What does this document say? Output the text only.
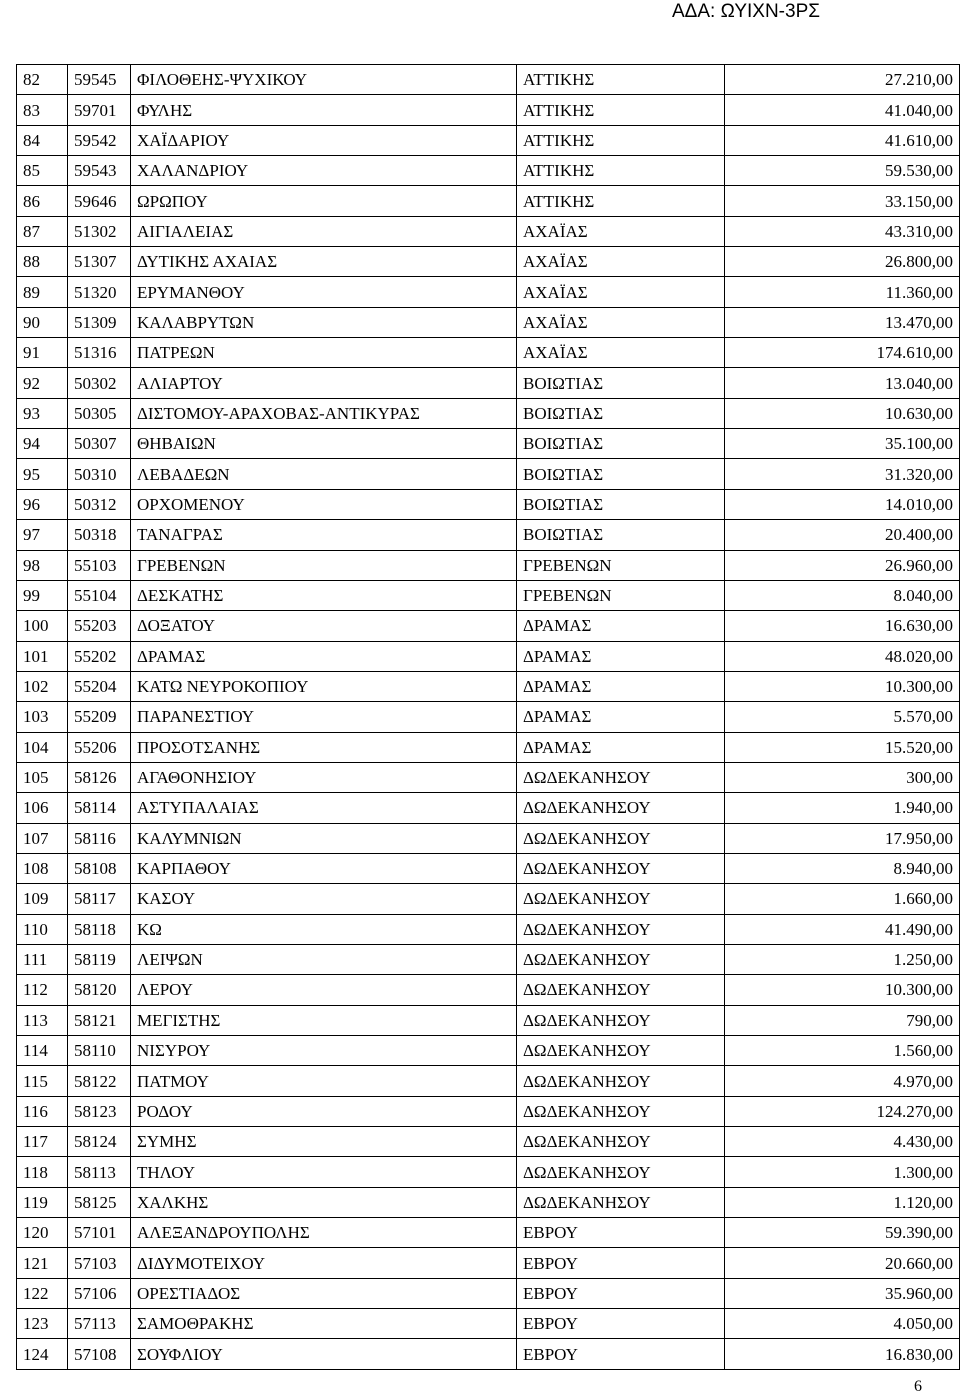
ΑΔΑ: ΩΥΙΧΝ-3ΡΣ
82	59545	ΦΙΛΟΘΕΗΣ-ΨΥΧΙΚΟΥ	ΑΤΤΙΚΗΣ	27.210,00
83	59701	ΦΥΛΗΣ	ΑΤΤΙΚΗΣ	41.040,00
84	59542	ΧΑΪΔΑΡΙΟΥ	ΑΤΤΙΚΗΣ	41.610,00
85	59543	ΧΑΛΑΝΔΡΙΟΥ	ΑΤΤΙΚΗΣ	59.530,00
86	59646	ΩΡΩΠΟΥ	ΑΤΤΙΚΗΣ	33.150,00
87	51302	ΑΙΓΙΑΛΕΙΑΣ	ΑΧΑΪΑΣ	43.310,00
88	51307	ΔΥΤΙΚΗΣ ΑΧΑΙΑΣ	ΑΧΑΪΑΣ	26.800,00
89	51320	ΕΡΥΜΑΝΘΟΥ	ΑΧΑΪΑΣ	11.360,00
90	51309	ΚΑΛΑΒΡΥΤΩΝ	ΑΧΑΪΑΣ	13.470,00
91	51316	ΠΑΤΡΕΩΝ	ΑΧΑΪΑΣ	174.610,00
92	50302	ΑΛΙΑΡΤΟΥ	ΒΟΙΩΤΙΑΣ	13.040,00
93	50305	ΔΙΣΤΟΜΟΥ-ΑΡΑΧΟΒΑΣ-ΑΝΤΙΚΥΡΑΣ	ΒΟΙΩΤΙΑΣ	10.630,00
94	50307	ΘΗΒΑΙΩΝ	ΒΟΙΩΤΙΑΣ	35.100,00
95	50310	ΛΕΒΑΔΕΩΝ	ΒΟΙΩΤΙΑΣ	31.320,00
96	50312	ΟΡΧΟΜΕΝΟΥ	ΒΟΙΩΤΙΑΣ	14.010,00
97	50318	ΤΑΝΑΓΡΑΣ	ΒΟΙΩΤΙΑΣ	20.400,00
98	55103	ΓΡΕΒΕΝΩΝ	ΓΡΕΒΕΝΩΝ	26.960,00
99	55104	ΔΕΣΚΑΤΗΣ	ΓΡΕΒΕΝΩΝ	8.040,00
100	55203	ΔΟΞΑΤΟΥ	ΔΡΑΜΑΣ	16.630,00
101	55202	ΔΡΑΜΑΣ	ΔΡΑΜΑΣ	48.020,00
102	55204	ΚΑΤΩ ΝΕΥΡΟΚΟΠΙΟΥ	ΔΡΑΜΑΣ	10.300,00
103	55209	ΠΑΡΑΝΕΣΤΙΟΥ	ΔΡΑΜΑΣ	5.570,00
104	55206	ΠΡΟΣΟΤΣΑΝΗΣ	ΔΡΑΜΑΣ	15.520,00
105	58126	ΑΓΑΘΟΝΗΣΙΟΥ	ΔΩΔΕΚΑΝΗΣΟΥ	300,00
106	58114	ΑΣΤΥΠΑΛΑΙΑΣ	ΔΩΔΕΚΑΝΗΣΟΥ	1.940,00
107	58116	ΚΑΛΥΜΝΙΩΝ	ΔΩΔΕΚΑΝΗΣΟΥ	17.950,00
108	58108	ΚΑΡΠΑΘΟΥ	ΔΩΔΕΚΑΝΗΣΟΥ	8.940,00
109	58117	ΚΑΣΟΥ	ΔΩΔΕΚΑΝΗΣΟΥ	1.660,00
110	58118	ΚΩ	ΔΩΔΕΚΑΝΗΣΟΥ	41.490,00
111	58119	ΛΕΙΨΩΝ	ΔΩΔΕΚΑΝΗΣΟΥ	1.250,00
112	58120	ΛΕΡΟΥ	ΔΩΔΕΚΑΝΗΣΟΥ	10.300,00
113	58121	ΜΕΓΙΣΤΗΣ	ΔΩΔΕΚΑΝΗΣΟΥ	790,00
114	58110	ΝΙΣΥΡΟΥ	ΔΩΔΕΚΑΝΗΣΟΥ	1.560,00
115	58122	ΠΑΤΜΟΥ	ΔΩΔΕΚΑΝΗΣΟΥ	4.970,00
116	58123	ΡΟΔΟΥ	ΔΩΔΕΚΑΝΗΣΟΥ	124.270,00
117	58124	ΣΥΜΗΣ	ΔΩΔΕΚΑΝΗΣΟΥ	4.430,00
118	58113	ΤΗΛΟΥ	ΔΩΔΕΚΑΝΗΣΟΥ	1.300,00
119	58125	ΧΑΛΚΗΣ	ΔΩΔΕΚΑΝΗΣΟΥ	1.120,00
120	57101	ΑΛΕΞΑΝΔΡΟΥΠΟΛΗΣ	ΕΒΡΟΥ	59.390,00
121	57103	ΔΙΔΥΜΟΤΕΙΧΟΥ	ΕΒΡΟΥ	20.660,00
122	57106	ΟΡΕΣΤΙΑΔΟΣ	ΕΒΡΟΥ	35.960,00
123	57113	ΣΑΜΟΘΡΑΚΗΣ	ΕΒΡΟΥ	4.050,00
124	57108	ΣΟΥΦΛΙΟΥ	ΕΒΡΟΥ	16.830,00
6
